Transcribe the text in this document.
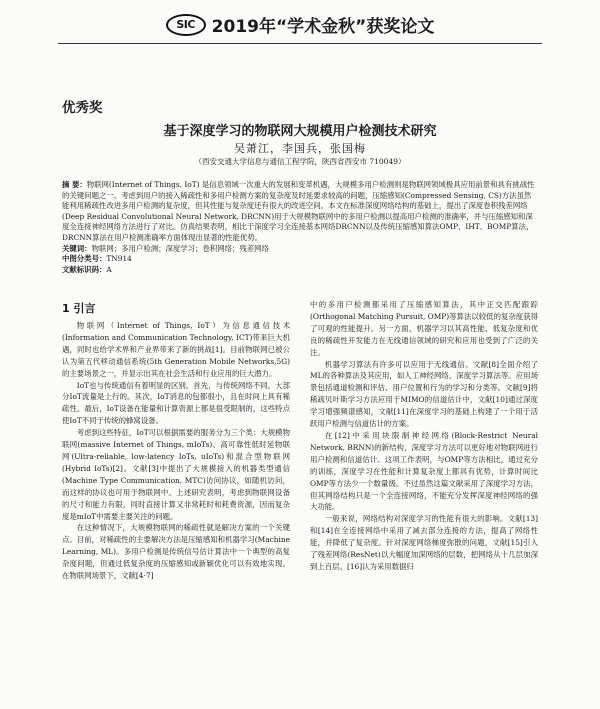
SIC 2019年“学术金秋”获奖论文
优秀奖
基于深度学习的物联网大规模用户检测技术研究
吴萧江，李国兵，张国梅
（西安交通大学信息与通信工程学院，陕西省西安市 710049）

摘 要：物联网(Internet of Things, IoT) 是信息领域一次重大的发展和变革机遇，大规模多用户检测则是物联网领域极具应用前景和具有挑战性的关键问题之一。考虑到用户的接入稀疏性和多用户检测方案的复杂度及时延要求较高的问题，压缩感知(Compressed Sensing, CS)方法虽然能利用稀疏性改进多用户检测的复杂度，但其性能与复杂度还有很大的改进空间。本文在标准深度网络结构的基础上，提出了深度卷积残差网络(Deep Residual Convolutional Neural Network, DRCNN)用于大规模物联网中的多用户检测以提高用户检测的准确率，并与压缩感知和深度全连接神经网络方法进行了对比。仿真结果表明，相比于深度学习全连接基本网络DRCNN以及传统压缩感知算法OMP、IHT、BOMP算法，DRCNN算法在用户检测准确率方面体现出显著的性能优势。

关键词：物联网；多用户检测；深度学习；卷积网络；残差网络

中图分类号：TN914

文献标识码：A

1 引言

物联网（Internet of Things, IoT）为信息通信技术(Information and Communication Technology, ICT)带来巨大机遇，同时也给学术界和产业界带来了新的挑战[1]。目前物联网已被公认为第五代移动通信系统(5th Generation Mobile Networks,5G)的主要场景之一，并显示出其在社会生活和行业应用的巨大潜力。

IoT也与传统通信有着明显的区别。首先，与传统网络不同，大部分IoT流量是上行的。其次，IoT消息的包都很小，且在时间上具有稀疏性。最后，IoT设备在能量和计算资源上都是很受限制的，这些特点使IoT不同于传统的蜂窝设备。

考虑到这些特征，IoT可以根据需要的服务分为三个类：大规模物联网(massive Internet of Things, mIoTs)、高可靠性低时延物联网(Ultra-reliable, low-latency IoTs, uIoTs)和混合型物联网(Hybrid IoTs)[2]。文献[3]中提出了大规模接入的机器类型通信(Machine Type Communication, MTC)访问协议，如随机访问，而这样的协议也可用于物联网中。上述研究表明，考虑到物联网设备的尺寸和能力有限，同时直接计算又非常耗时和耗费资源，因而复杂度是mIoT中需要主要关注的问题。

在这种情况下，大规模物联网的稀疏性就是解决方案的一个关键点。目前，对稀疏性的主要解决方法是压缩感知和机器学习(Machine Learning, ML)。多用户检测是传统信号估计算法中一个典型的高复杂度问题，但通过低复杂度的压缩感知或新颖优化可以有效地实现。在物联网场景下，文献[4-7]

中的多用户检测都采用了压缩感知算法，其中正交匹配跟踪(Orthogonal Matching Pursuit, OMP)等算法以较低的复杂度获得了可观的性能提升。另一方面，机器学习以其高性能、低复杂度和优良的稀疏性开发能力在无线通信领域的研究和应用也受到了广泛的关注。

机器学习算法有许多可以应用于无线通信。文献[8]全面介绍了ML的各种算法及其应用，如人工神经网络、深度学习算法等。应用场景包括通道检测和评估、用户位置和行为的学习和分类等。文献[9]将稀疏贝叶斯学习方法应用于MIMO的信道估计中，文献[10]通过深度学习增强频谱感知，文献[11]在深度学习的基础上构建了一个用于活跃用户检测与信道估计的方案。

在[12]中采用块限制神经网络(Block-Restrict Neural Network, BRNN)的新结构，深度学习方法可以更好地对物联网进行用户检测和信道估计。这项工作表明，与OMP等方法相比，通过充分的训练，深度学习在性能和计算复杂度上都具有优势，计算时间比OMP等方法少一个数量级。不过虽然这篇文献采用了深度学习方法，但其网络结构只是一个全连接网络，不能充分发挥深度神经网络的强大功能。

一般来说，网络结构对深度学习的性能有很大的影响。文献[13]和[14]在全连接网络中采用了减去部分连接的方法，提高了网络性能，并降低了复杂度。针对深度网络梯度弥散的问题，文献[15]引入了残差网络(ResNet)以大幅度加深网络的层数，把网络从十几层加深到上百层。[16]认为采用数据归
